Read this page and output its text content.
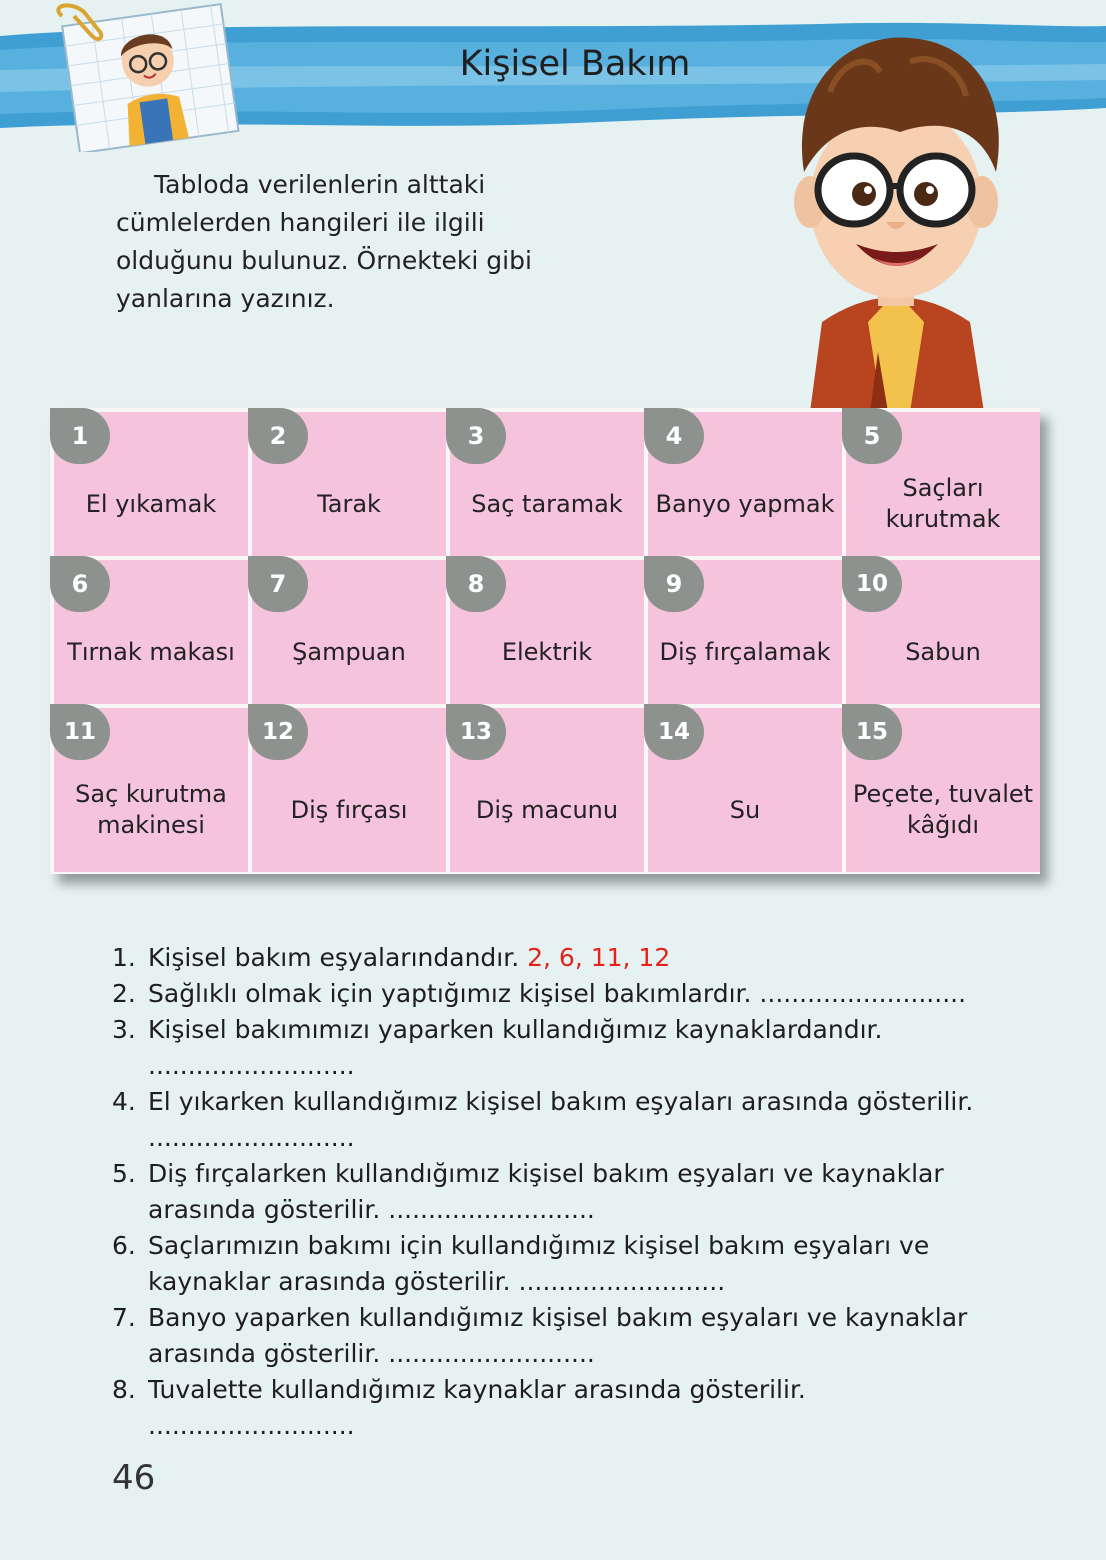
Kişisel Bakım
Tabloda verilenlerin alttaki cümlelerden hangileri ile ilgili olduğunu bulunuz. Örnekteki gibi yanlarına yazınız.
1
El yıkamak
2
Tarak
3
Saç taramak
4
Banyo yapmak
5
Saçları kurutmak
6
Tırnak makası
7
Şampuan
8
Elektrik
9
Diş fırçalamak
10
Sabun
11
Saç kurutma makinesi
12
Diş fırçası
13
Diş macunu
14
Su
15
Peçete, tuvalet kâğıdı
1. Kişisel bakım eşyalarındandır. 2, 6, 11, 12
2. Sağlıklı olmak için yaptığımız kişisel bakımlardır. ..........................
3. Kişisel bakımımızı yaparken kullandığımız kaynaklardandır. ..........................
4. El yıkarken kullandığımız kişisel bakım eşyaları arasında gösterilir. ..........................
5. Diş fırçalarken kullandığımız kişisel bakım eşyaları ve kaynaklar arasında gösterilir. ..........................
6. Saçlarımızın bakımı için kullandığımız kişisel bakım eşyaları ve kaynaklar arasında gösterilir. ..........................
7. Banyo yaparken kullandığımız kişisel bakım eşyaları ve kaynaklar arasında gösterilir. ..........................
8. Tuvalette kullandığımız kaynaklar arasında gösterilir. ..........................
46
